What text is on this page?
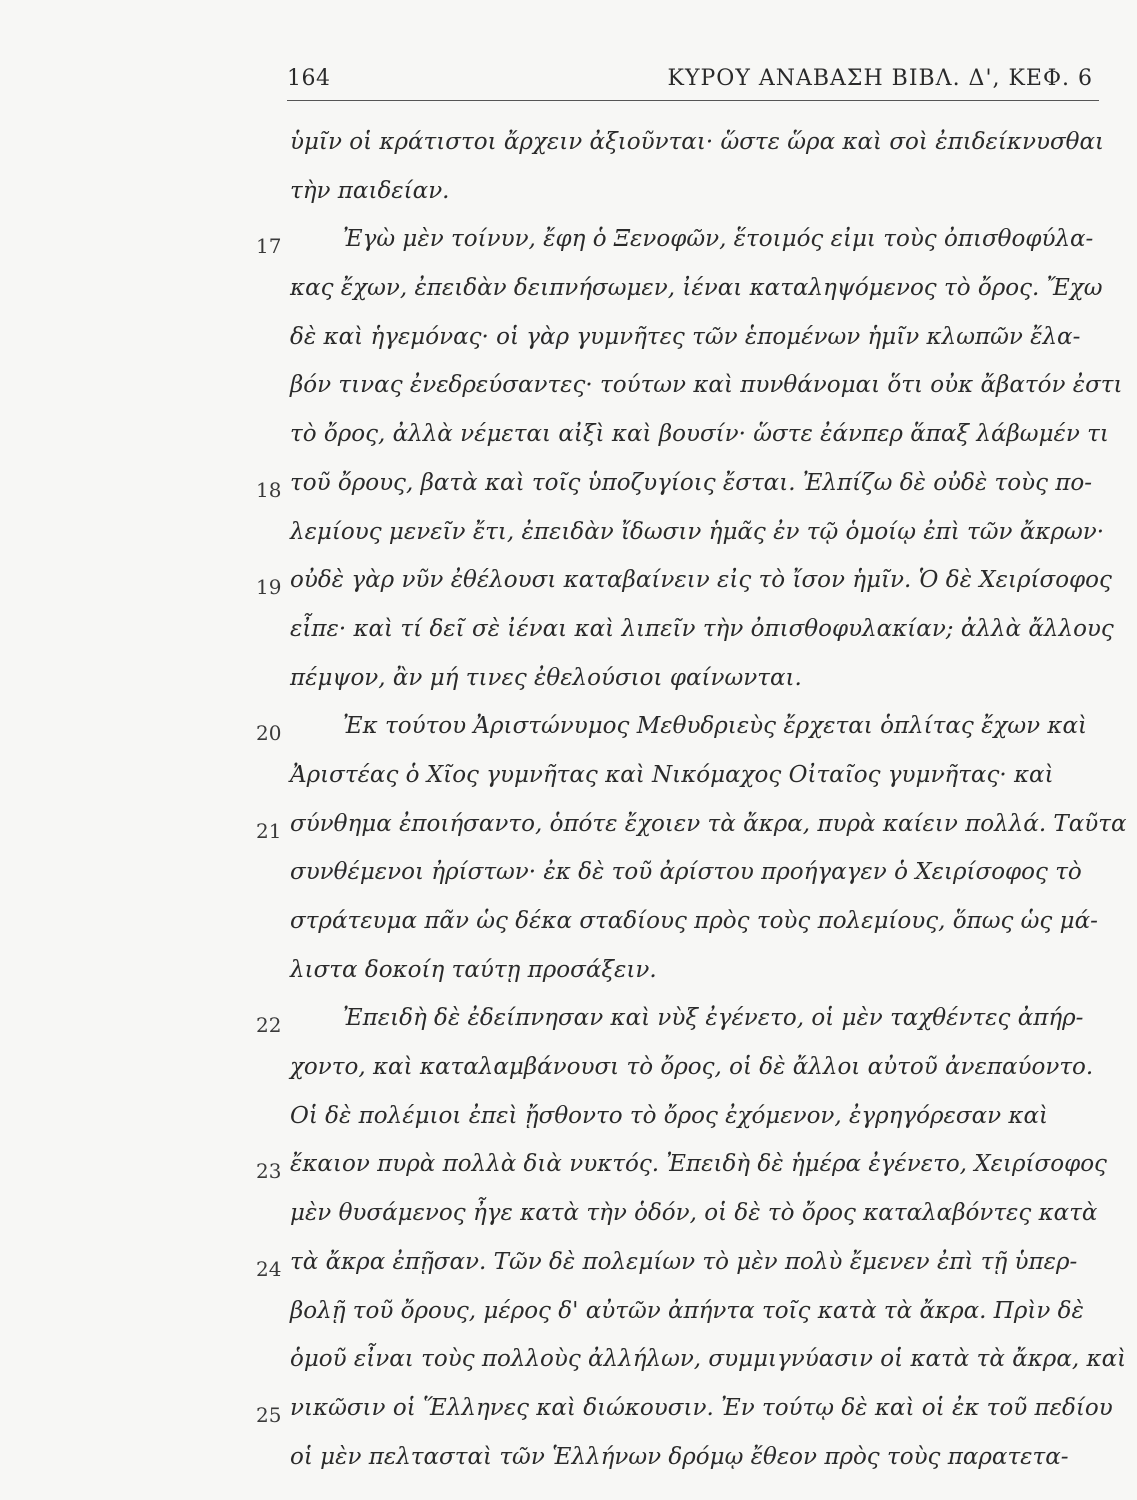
164	ΚΥΡΟΥ ΑΝΑΒΑΣΗ ΒΙΒΛ. Δ', ΚΕΦ. 6
ὑμῖν οἱ κράτιστοι ἄρχειν ἀξιοῦνται· ὥστε ὥρα καὶ σοὶ ἐπιδείκνυσθαι
τὴν παιδείαν.
17	Ἐγὼ μὲν τοίνυν, ἔφη ὁ Ξενοφῶν, ἕτοιμός εἰμι τοὺς ὀπισθοφύλα-
κας ἔχων, ἐπειδὰν δειπνήσωμεν, ἰέναι καταληψόμενος τὸ ὄρος. Ἔχω
δὲ καὶ ἡγεμόνας· οἱ γὰρ γυμνῆτες τῶν ἑπομένων ἡμῖν κλωπῶν ἔλα-
βόν τινας ἐνεδρεύσαντες· τούτων καὶ πυνθάνομαι ὅτι οὐκ ἄβατόν ἐστι
τὸ ὄρος, ἀλλὰ νέμεται αἰξὶ καὶ βουσίν· ὥστε ἐάνπερ ἅπαξ λάβωμέν τι
18 τοῦ ὄρους, βατὰ καὶ τοῖς ὑποζυγίοις ἔσται. Ἐλπίζω δὲ οὐδὲ τοὺς πο-
λεμίους μενεῖν ἔτι, ἐπειδὰν ἴδωσιν ἡμᾶς ἐν τῷ ὁμοίῳ ἐπὶ τῶν ἄκρων·
19 οὐδὲ γὰρ νῦν ἐθέλουσι καταβαίνειν εἰς τὸ ἴσον ἡμῖν. Ὁ δὲ Χειρίσοφος
εἶπε· καὶ τί δεῖ σὲ ἰέναι καὶ λιπεῖν τὴν ὀπισθοφυλακίαν; ἀλλὰ ἄλλους
πέμψον, ἂν μή τινες ἐθελούσιοι φαίνωνται.
20	Ἐκ τούτου Ἀριστώνυμος Μεθυδριεὺς ἔρχεται ὁπλίτας ἔχων καὶ
Ἀριστέας ὁ Χῖος γυμνῆτας καὶ Νικόμαχος Οἰταῖος γυμνῆτας· καὶ
21 σύνθημα ἐποιήσαντο, ὁπότε ἔχοιεν τὰ ἄκρα, πυρὰ καίειν πολλά. Ταῦτα
συνθέμενοι ἠρίστων· ἐκ δὲ τοῦ ἀρίστου προήγαγεν ὁ Χειρίσοφος τὸ
στράτευμα πᾶν ὡς δέκα σταδίους πρὸς τοὺς πολεμίους, ὅπως ὡς μά-
λιστα δοκοίη ταύτῃ προσάξειν.
22	Ἐπειδὴ δὲ ἐδείπνησαν καὶ νὺξ ἐγένετο, οἱ μὲν ταχθέντες ἀπήρ-
χοντο, καὶ καταλαμβάνουσι τὸ ὄρος, οἱ δὲ ἄλλοι αὐτοῦ ἀνεπαύοντο.
Οἱ δὲ πολέμιοι ἐπεὶ ᾔσθοντο τὸ ὄρος ἐχόμενον, ἐγρηγόρεσαν καὶ
23 ἔκαιον πυρὰ πολλὰ διὰ νυκτός. Ἐπειδὴ δὲ ἡμέρα ἐγένετο, Χειρίσοφος
μὲν θυσάμενος ἦγε κατὰ τὴν ὁδόν, οἱ δὲ τὸ ὄρος καταλαβόντες κατὰ
24 τὰ ἄκρα ἐπῇσαν. Τῶν δὲ πολεμίων τὸ μὲν πολὺ ἔμενεν ἐπὶ τῇ ὑπερ-
βολῇ τοῦ ὄρους, μέρος δ' αὐτῶν ἀπήντα τοῖς κατὰ τὰ ἄκρα. Πρὶν δὲ
ὁμοῦ εἶναι τοὺς πολλοὺς ἀλλήλων, συμμιγνύασιν οἱ κατὰ τὰ ἄκρα, καὶ
25 νικῶσιν οἱ Ἕλληνες καὶ διώκουσιν. Ἐν τούτῳ δὲ καὶ οἱ ἐκ τοῦ πεδίου
οἱ μὲν πελτασταὶ τῶν Ἑλλήνων δρόμῳ ἔθεον πρὸς τοὺς παρατετα-
